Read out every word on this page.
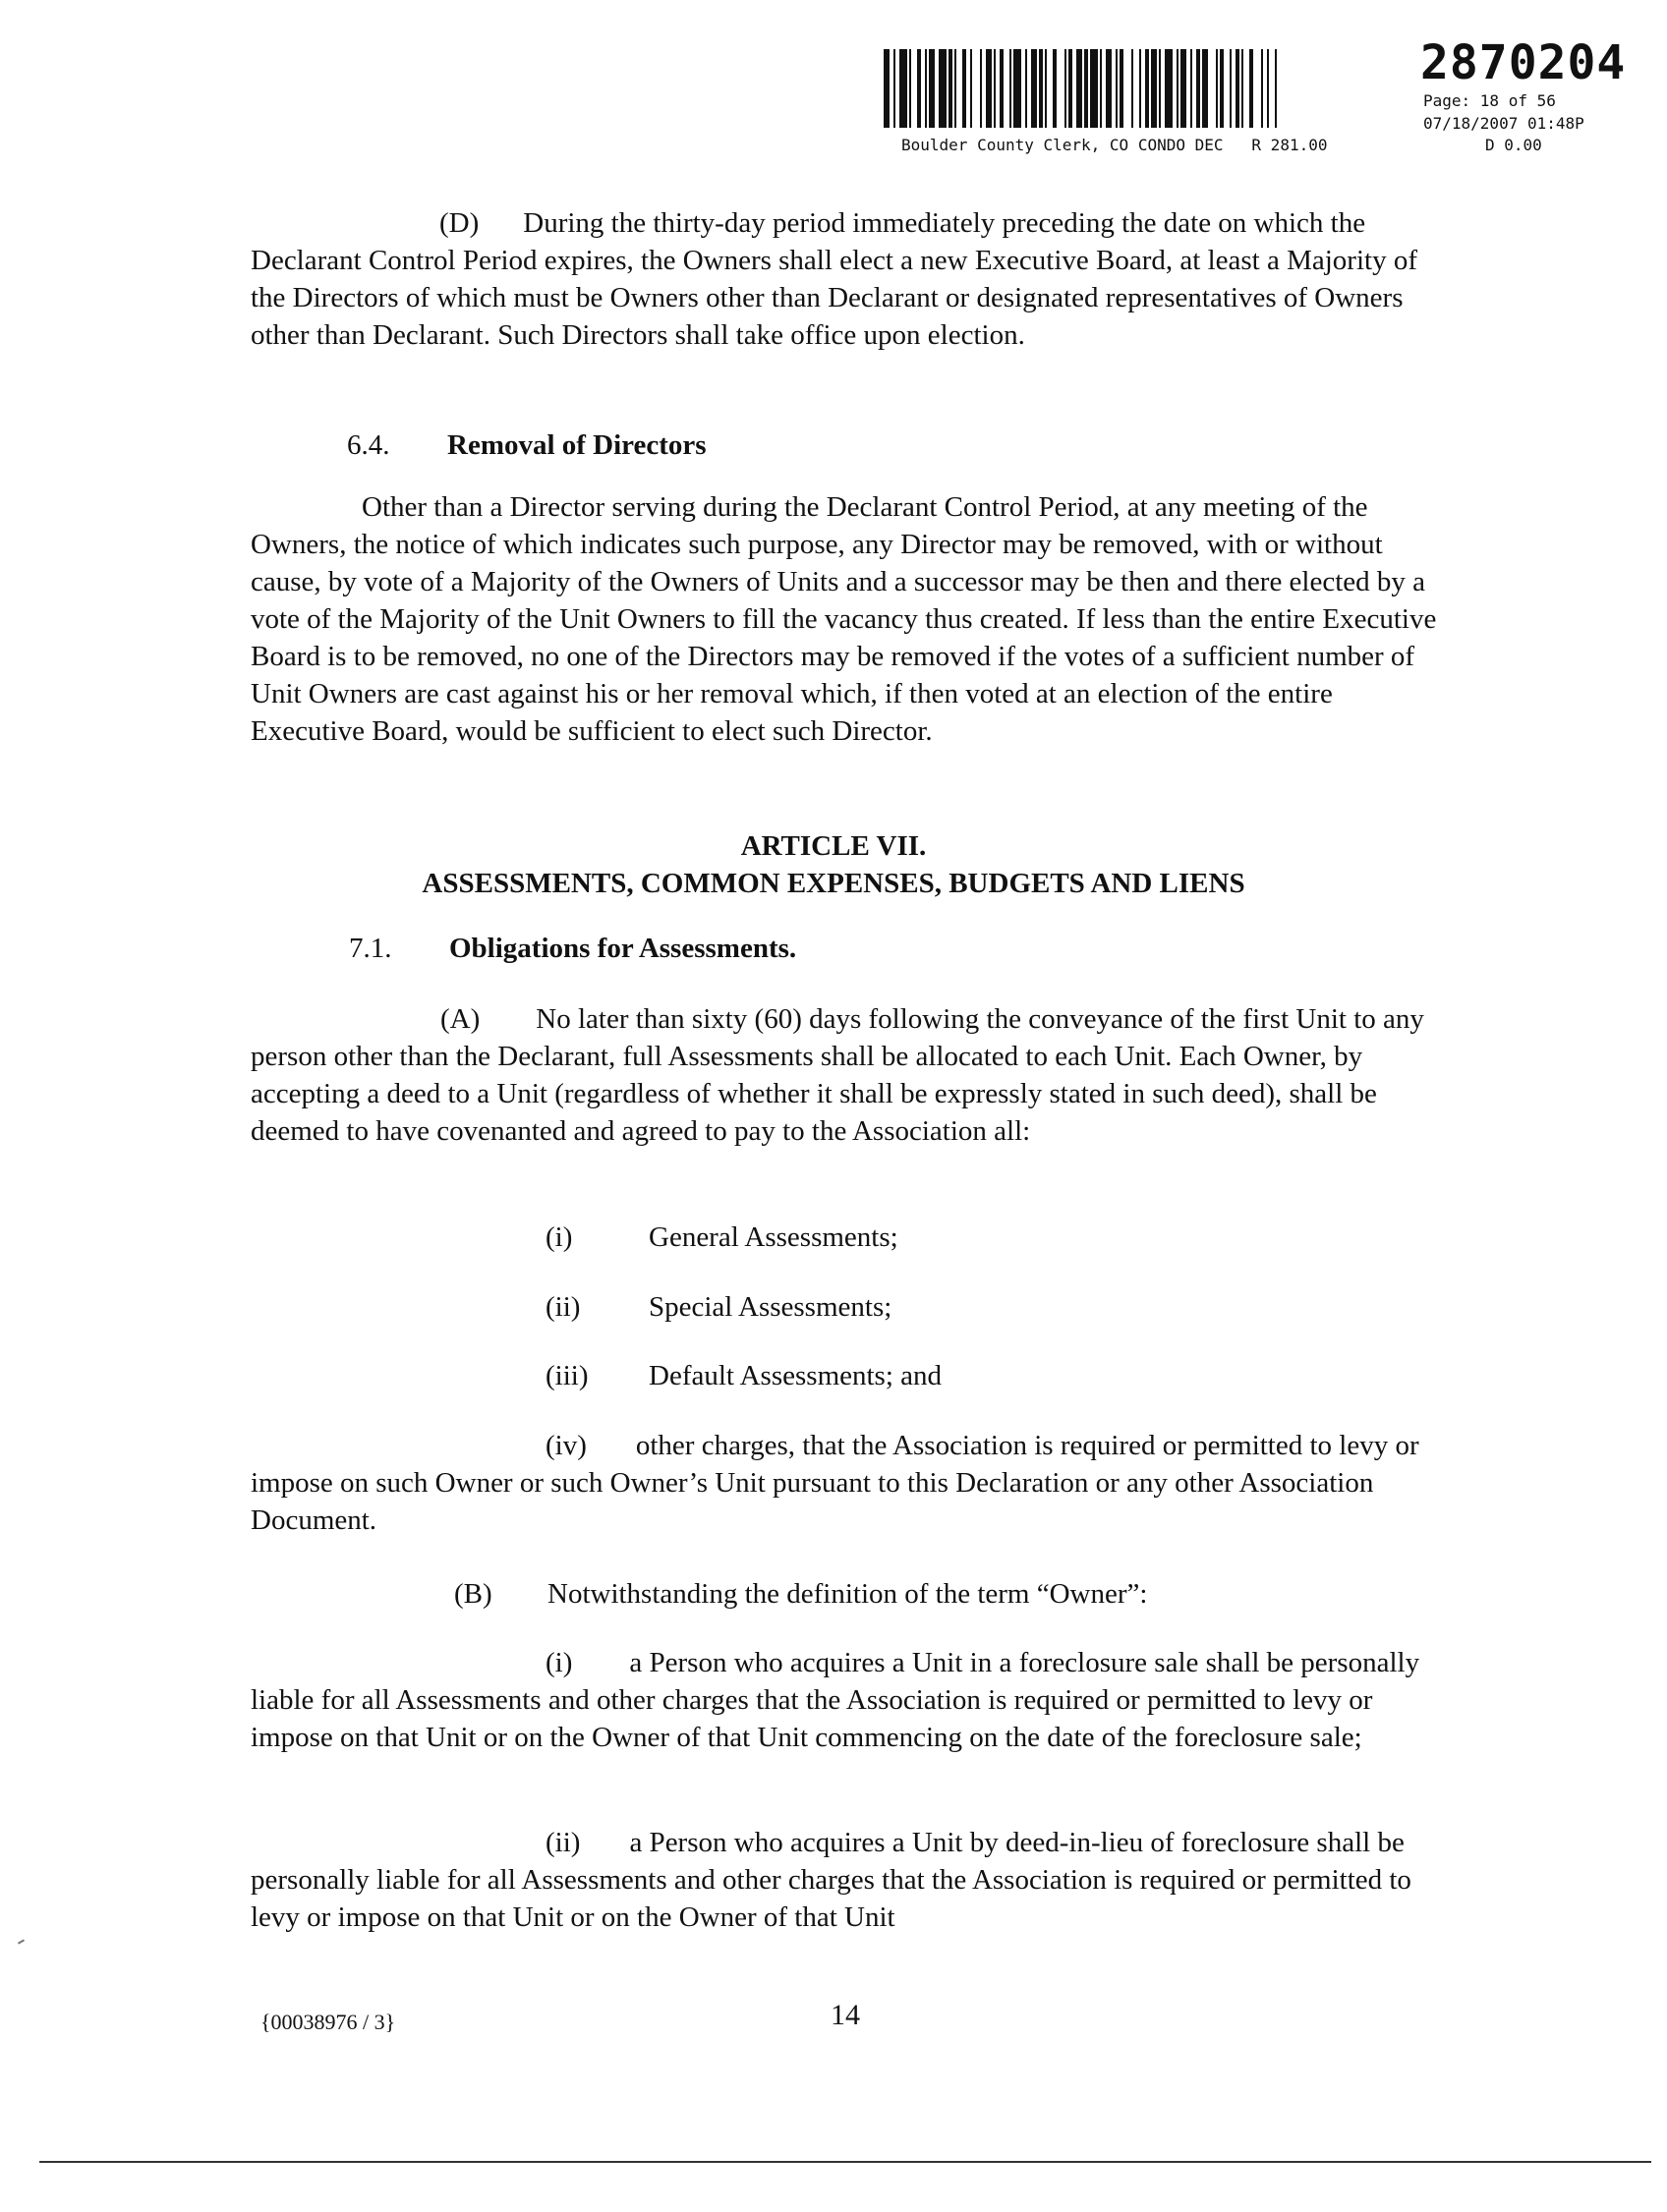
2870204
Page: 18 of 56
07/18/2007 01:48P
Boulder County Clerk, CO CONDO DEC   R 281.00	D 0.00

(D) During the thirty-day period immediately preceding the date on which the Declarant Control Period expires, the Owners shall elect a new Executive Board, at least a Majority of the Directors of which must be Owners other than Declarant or designated representatives of Owners other than Declarant. Such Directors shall take office upon election.

6.4. Removal of Directors

Other than a Director serving during the Declarant Control Period, at any meeting of the Owners, the notice of which indicates such purpose, any Director may be removed, with or without cause, by vote of a Majority of the Owners of Units and a successor may be then and there elected by a vote of the Majority of the Unit Owners to fill the vacancy thus created. If less than the entire Executive Board is to be removed, no one of the Directors may be removed if the votes of a sufficient number of Unit Owners are cast against his or her removal which, if then voted at an election of the entire Executive Board, would be sufficient to elect such Director.

ARTICLE VII.
ASSESSMENTS, COMMON EXPENSES, BUDGETS AND LIENS
7.1. Obligations for Assessments.

(A) No later than sixty (60) days following the conveyance of the first Unit to any person other than the Declarant, full Assessments shall be allocated to each Unit. Each Owner, by accepting a deed to a Unit (regardless of whether it shall be expressly stated in such deed), shall be deemed to have covenanted and agreed to pay to the Association all:

(i)	General Assessments;
(ii) Special Assessments;
(iii) Default Assessments; and

(iv) other charges, that the Association is required or permitted to levy or impose on such Owner or such Owner’s Unit pursuant to this Declaration or any other Association Document.

(B) Notwithstanding the definition of the term “Owner”:

(i) a Person who acquires a Unit in a foreclosure sale shall be personally liable for all Assessments and other charges that the Association is required or permitted to levy or impose on that Unit or on the Owner of that Unit commencing on the date of the foreclosure sale;

(ii) a Person who acquires a Unit by deed-in-lieu of foreclosure shall be personally liable for all Assessments and other charges that the Association is required or permitted to levy or impose on that Unit or on the Owner of that Unit

{00038976 / 3}	14
